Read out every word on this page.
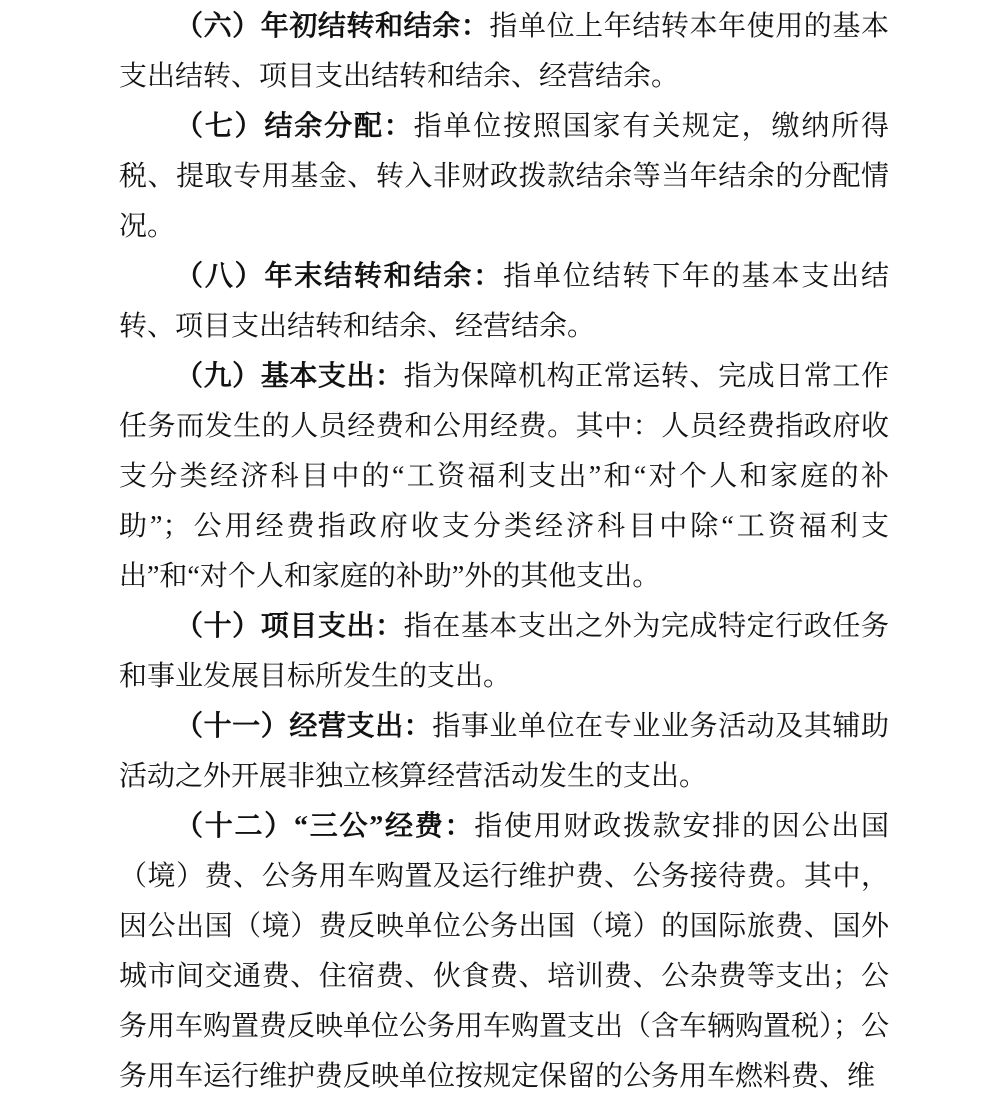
（六）年初结转和结余：指单位上年结转本年使用的基本支出结转、项目支出结转和结余、经营结余。

（七）结余分配：指单位按照国家有关规定，缴纳所得税、提取专用基金、转入非财政拨款结余等当年结余的分配情况。

（八）年末结转和结余：指单位结转下年的基本支出结转、项目支出结转和结余、经营结余。

（九）基本支出：指为保障机构正常运转、完成日常工作任务而发生的人员经费和公用经费。其中：人员经费指政府收支分类经济科目中的“工资福利支出”和“对个人和家庭的补助”；公用经费指政府收支分类经济科目中除“工资福利支出”和“对个人和家庭的补助”外的其他支出。

（十）项目支出：指在基本支出之外为完成特定行政任务和事业发展目标所发生的支出。

（十一）经营支出：指事业单位在专业业务活动及其辅助活动之外开展非独立核算经营活动发生的支出。

（十二）“三公”经费：指使用财政拨款安排的因公出国（境）费、公务用车购置及运行维护费、公务接待费。其中，因公出国（境）费反映单位公务出国（境）的国际旅费、国外城市间交通费、住宿费、伙食费、培训费、公杂费等支出；公务用车购置费反映单位公务用车购置支出（含车辆购置税）；公务用车运行维护费反映单位按规定保留的公务用车燃料费、维
